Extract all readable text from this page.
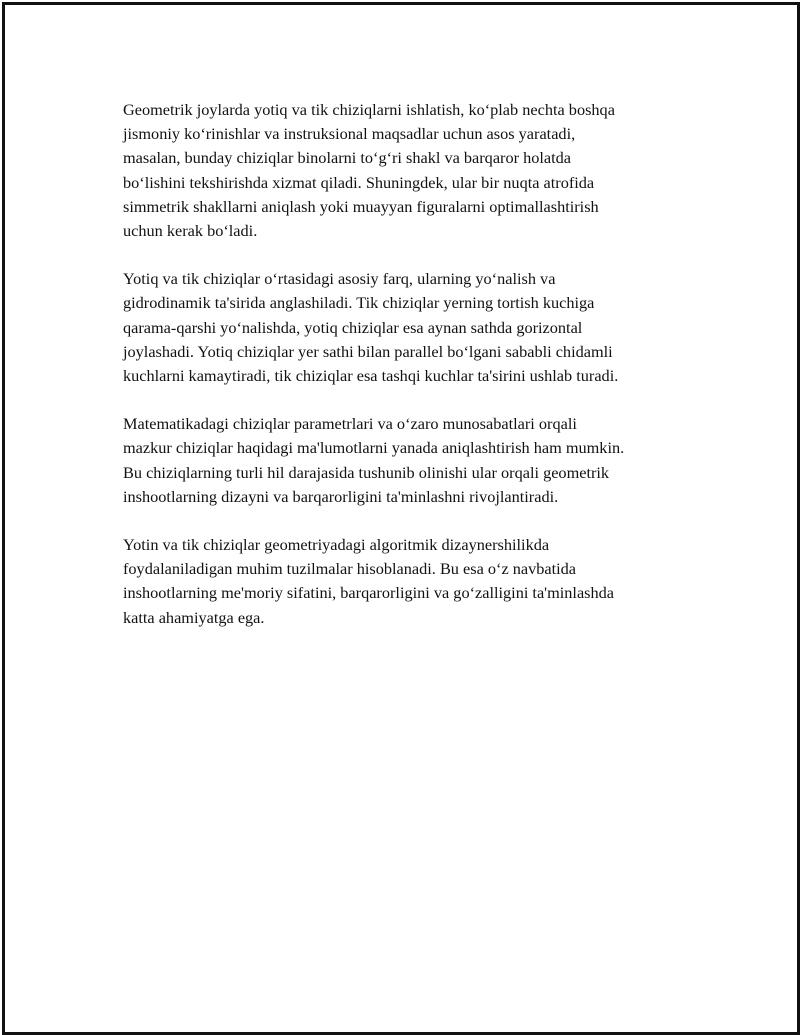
Geometrik joylarda yotiq va tik chiziqlarni ishlatish, ko‘plab nechta boshqa
jismoniy ko‘rinishlar va instruksional maqsadlar uchun asos yaratadi,
masalan, bunday chiziqlar binolarni to‘g‘ri shakl va barqaror holatda
bo‘lishini tekshirishda xizmat qiladi. Shuningdek, ular bir nuqta atrofida
simmetrik shakllarni aniqlash yoki muayyan figuralarni optimallashtirish
uchun kerak bo‘ladi.

Yotiq va tik chiziqlar o‘rtasidagi asosiy farq, ularning yo‘nalish va
gidrodinamik ta'sirida anglashiladi. Tik chiziqlar yerning tortish kuchiga
qarama-qarshi yo‘nalishda, yotiq chiziqlar esa aynan sathda gorizontal
joylashadi. Yotiq chiziqlar yer sathi bilan parallel bo‘lgani sababli chidamli
kuchlarni kamaytiradi, tik chiziqlar esa tashqi kuchlar ta'sirini ushlab turadi.

Matematikadagi chiziqlar parametrlari va o‘zaro munosabatlari orqali
mazkur chiziqlar haqidagi ma'lumotlarni yanada aniqlashtirish ham mumkin.
Bu chiziqlarning turli hil darajasida tushunib olinishi ular orqali geometrik
inshootlarning dizayni va barqarorligini ta'minlashni rivojlantiradi.

Yotin va tik chiziqlar geometriyadagi algoritmik dizaynershilikda
foydalaniladigan muhim tuzilmalar hisoblanadi. Bu esa o‘z navbatida
inshootlarning me'moriy sifatini, barqarorligini va go‘zalligini ta'minlashda
katta ahamiyatga ega.
